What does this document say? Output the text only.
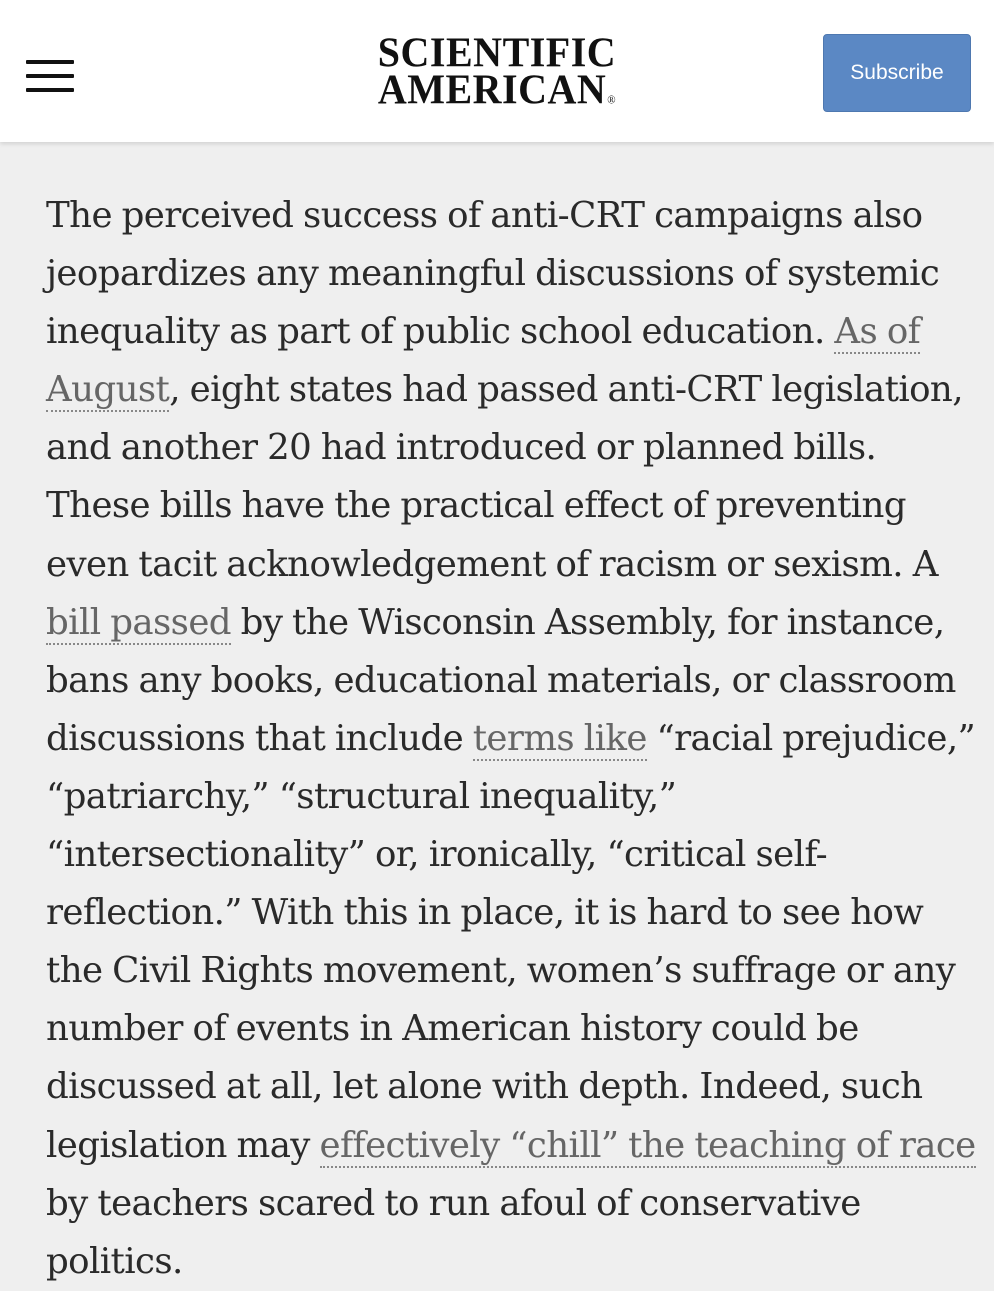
SCIENTIFIC
AMERICAN®
Subscribe

The perceived success of anti-CRT campaigns also jeopardizes any meaningful discussions of systemic inequality as part of public school education. As of August, eight states had passed anti-CRT legislation, and another 20 had introduced or planned bills. These bills have the practical effect of preventing even tacit acknowledgement of racism or sexism. A bill passed by the Wisconsin Assembly, for instance, bans any books, educational materials, or classroom discussions that include terms like “racial prejudice,” “patriarchy,” “structural inequality,” “intersectionality” or, ironically, “critical self-reflection.” With this in place, it is hard to see how the Civil Rights movement, women’s suffrage or any number of events in American history could be discussed at all, let alone with depth. Indeed, such legislation may effectively “chill” the teaching of race by teachers scared to run afoul of conservative politics.
